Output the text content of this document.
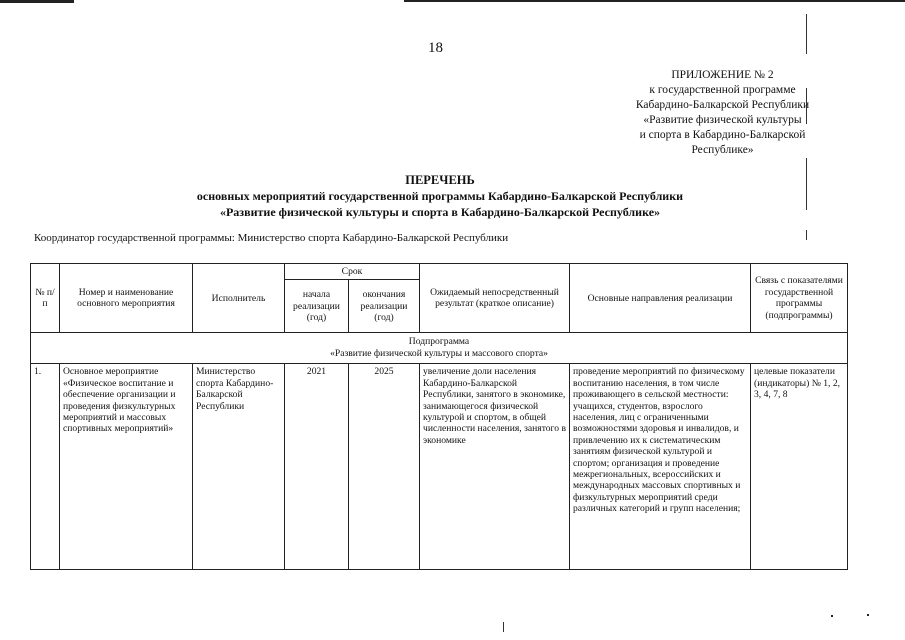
18
ПРИЛОЖЕНИЕ № 2
к государственной программе
Кабардино-Балкарской Республики
«Развитие физической культуры
и спорта в Кабардино-Балкарской
Республике»
ПЕРЕЧЕНЬ
основных мероприятий государственной программы Кабардино-Балкарской Республики
«Развитие физической культуры и спорта в Кабардино-Балкарской Республике»
Координатор государственной программы: Министерство спорта Кабардино-Балкарской Республики
№ п/п	Номер и наименование основного мероприятия	Исполнитель	Срок		Ожидаемый непосредственный результат (краткое описание)	Основные направления реализации	Связь с показателями государственной программы (подпрограммы)
			начала реализации (год)	окончания реализации (год)			
Подпрограмма
«Развитие физической культуры и массового спорта»							
1.	Основное мероприятие «Физическое воспитание и обеспечение организации и проведения физкультурных мероприятий и массовых спортивных мероприятий»	Министерство спорта Кабардино-Балкарской Республики	2021	2025	увеличение доли населения Кабардино-Балкарской Республики, занятого в экономике, занимающегося физической культурой и спортом, в общей численности населения, занятого в экономике	проведение мероприятий по физическому воспитанию населения, в том числе проживающего в сельской местности: учащихся, студентов, взрослого населения, лиц с ограниченными возможностями здоровья и инвалидов, и привлечению их к систематическим занятиям физической культурой и спортом; организация и проведение межрегиональных, всероссийских и международных массовых спортивных и физкультурных мероприятий среди различных категорий и групп населения;	целевые показатели (индикаторы) № 1, 2, 3, 4, 7, 8
